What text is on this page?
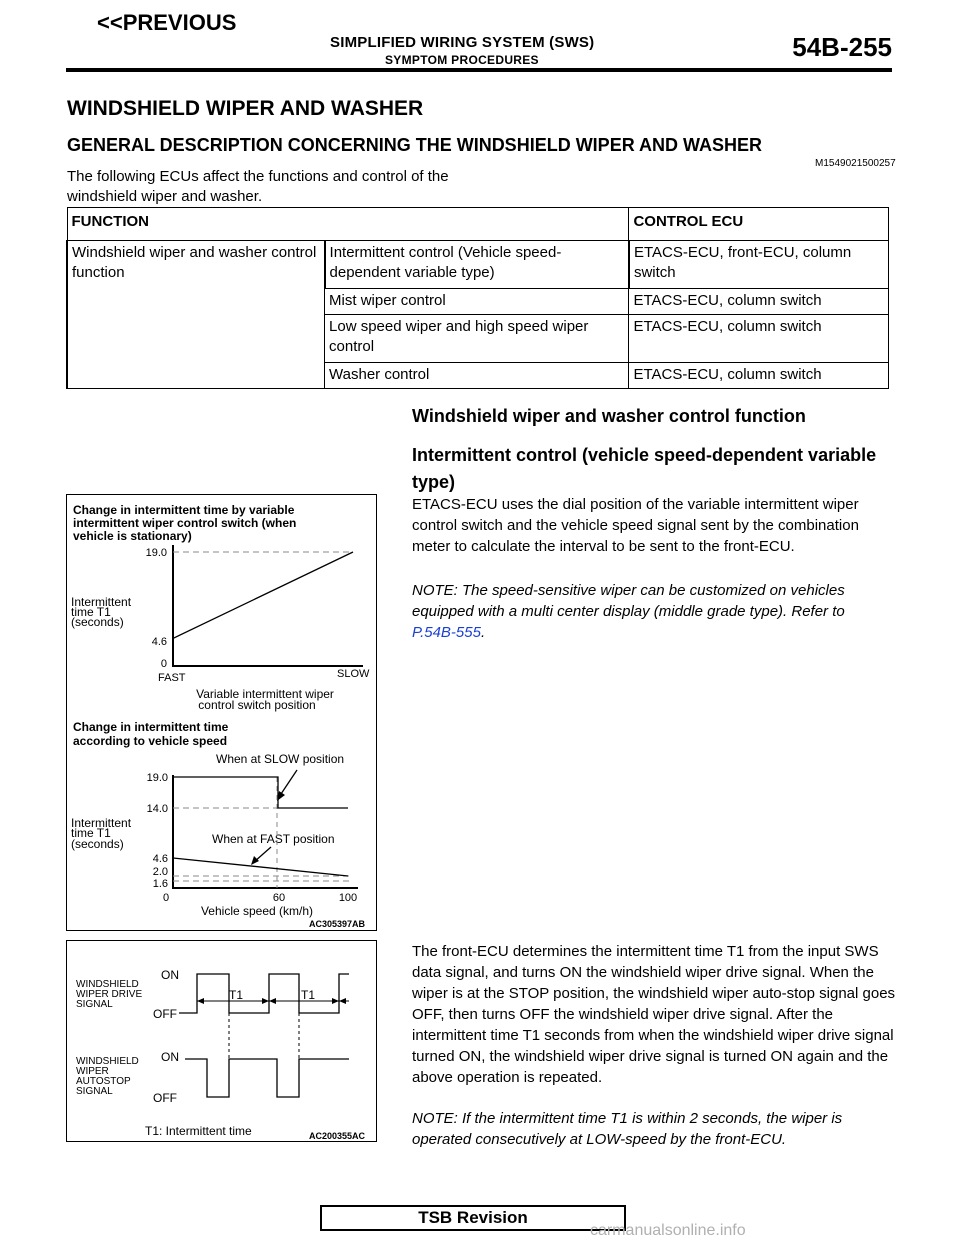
<<PREVIOUS
SIMPLIFIED WIRING SYSTEM (SWS)
SYMPTOM PROCEDURES	54B-255
WINDSHIELD WIPER AND WASHER
GENERAL DESCRIPTION CONCERNING THE WINDSHIELD WIPER AND WASHER
M1549021500257
The following ECUs affect the functions and control of the windshield wiper and washer.
FUNCTION		CONTROL ECU
Windshield wiper and washer control function	Intermittent control (Vehicle speed-dependent variable type)	ETACS-ECU, front-ECU, column switch
	Mist wiper control	ETACS-ECU, column switch
	Low speed wiper and high speed wiper control	ETACS-ECU, column switch
	Washer control	ETACS-ECU, column switch
Windshield wiper and washer control function
Intermittent control (vehicle speed-dependent variable type)
ETACS-ECU uses the dial position of the variable intermittent wiper control switch and the vehicle speed signal sent by the combination meter to calculate the interval to be sent to the front-ECU.
NOTE: The speed-sensitive wiper can be customized on vehicles equipped with a multi center display (middle grade type). Refer to P.54B-555.
Change in intermittent time by variable
intermittent wiper control switch (when
vehicle is stationary)
Intermittent
time T1
(seconds)
19.0
4.6
0
FAST	SLOW
Variable intermittent wiper
control switch position
Change in intermittent time
according to vehicle speed
When at SLOW position
When at FAST position
Intermittent
time T1
(seconds)
19.0
14.0
4.6
2.0
1.6
0	60	100
Vehicle speed (km/h)
AC305397AB
WINDSHIELD
WIPER DRIVE
SIGNAL
ON
OFF
T1	T1
WINDSHIELD
WIPER
AUTOSTOP
SIGNAL
ON
OFF
T1: Intermittent time	AC200355AC
The front-ECU determines the intermittent time T1 from the input SWS data signal, and turns ON the windshield wiper drive signal. When the wiper is at the STOP position, the windshield wiper auto-stop signal goes OFF, then turns OFF the windshield wiper drive signal. After the intermittent time T1 seconds from when the windshield wiper drive signal turned ON, the windshield wiper drive signal is turned ON again and the above operation is repeated.
NOTE: If the intermittent time T1 is within 2 seconds, the wiper is operated consecutively at LOW-speed by the front-ECU.
TSB Revision
carmanualsonline.info
